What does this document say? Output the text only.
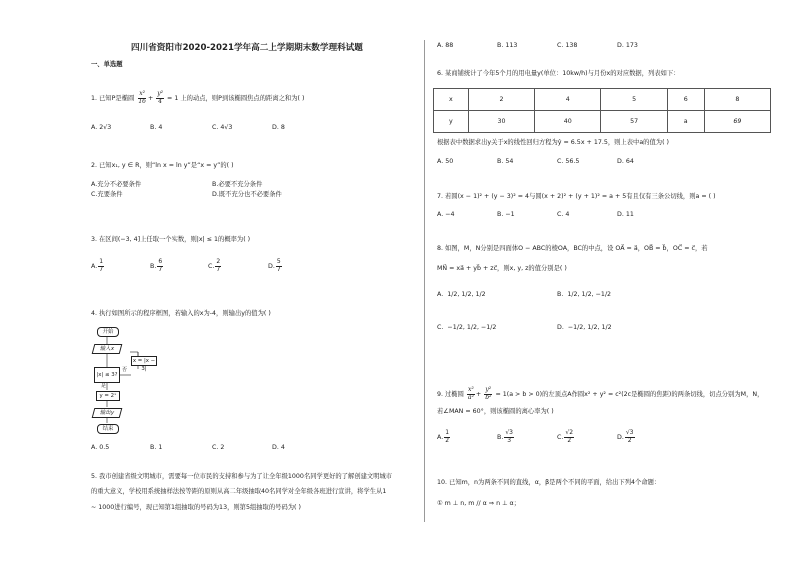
四川省资阳市2020-2021学年高二上学期期末数学理科试题
一、单选题
1. 已知P是椭圆 $\frac{\text{x²}}{16} + \frac{\text{y²}}{4} = 1$ 上的动点，则P到该椭圆焦点的距离之和为( )
A. 2√3	B. 4	C. 4√3	D. 8
2. 已知x₁, y ∈ R，则“ln x = ln y”是“x = y”的( )
A.充分不必要条件	B.必要不充分条件
C.充要条件	D.既不充分也不必要条件
3. 在区间(−3, 4]上任取一个实数，则|x| ≤ 1的概率为( )
A. $\frac{1}{7}$	B. $\frac{6}{7}$	C. $\frac{2}{7}$	D. $\frac{5}{7}$
4. 执行如图所示的程序框图，若输入的x为-4，则输出y的值为( )
开始
输入x
x = |x − 3|
|x| ≤ 3?
否
是
y = 2ˣ
输出y
结束
A. 0.5	B. 1	C. 2	D. 4
5. 我市创建省级文明城市，需要每一位市民的支持和参与为了让全年级1000名同学更好的了解创建文明城市
的重大意义，学校用系统抽样法按等距的原则从高二年级抽取40名同学对全年级各班进行宣讲，将学生从1
~ 1000进行编号，现已知第1组抽取的号码为13，则第5组抽取的号码为( )
A. 88	B. 113	C. 138	D. 173
6. 某商铺统计了今年5个月的用电量y(单位：10kw/h)与月份x的对应数据，列表如下：
x	2	4	5	6	8
y	30	40	57	a	69
根据表中数据求出y关于x的线性回归方程为ŷ = 6.5x + 17.5，则上表中a的值为( )
A. 50	B. 54	C. 56.5	D. 64
7. 若圆(x − 1)² + (y − 3)² = 4与圆(x + 2)² + (y + 1)² = a + 5有且仅有三条公切线，则a = ( )
A. −4	B. −1	C. 4	D. 11
8. 如图，M，N分别是四面体O − ABC的棱OA，BC的中点，设 OA⃗ = a⃗，OB⃗ = b⃗，OC⃗ = c⃗，若
MN⃗ = xa⃗ + yb⃗ + zc⃗，则x, y, z的值分别是( )
A. 1/2, 1/2, 1/2	B. 1/2, 1/2, −1/2
C. −1/2, 1/2, −1/2	D. −1/2, 1/2, 1/2
9. 过椭圆 $\frac{\text{x²}}{\text{a²}} + \frac{\text{y²}}{\text{b²}} = 1(a > b > 0)$的左顶点A作圆x² + y² = c²(2c是椭圆的焦距)的两条切线，切点分别为M，N，
若∠MAN = 60°，则该椭圆的离心率为( )
A. $\frac{1}{2}$	B. $\frac{√3}{3}$	C. $\frac{√2}{2}$	D. $\frac{√3}{2}$
10. 已知m，n为两条不同的直线，α，β是两个不同的平面，给出下列4个命题：
① m ⊥ n, m // α ⇒ n ⊥ α；
